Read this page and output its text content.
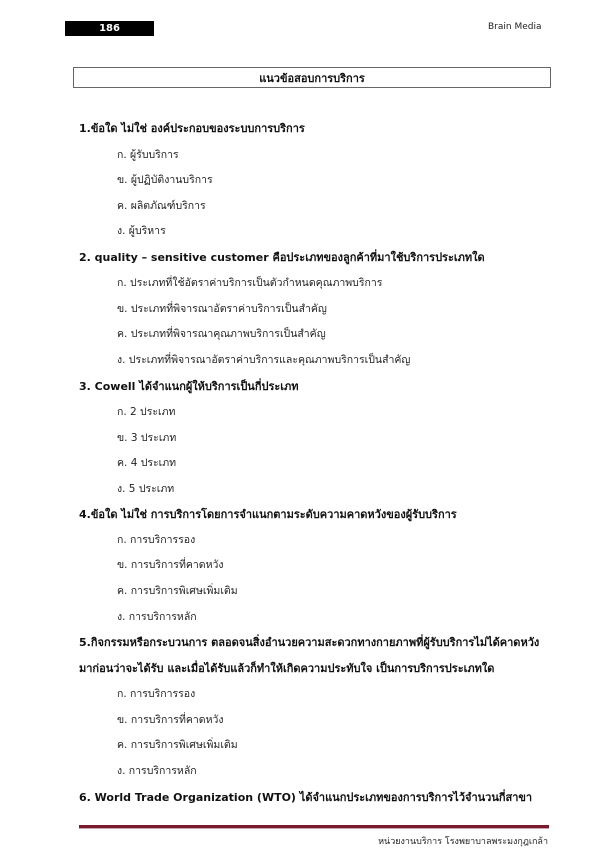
186	Brain Media
แนวข้อสอบการบริการ
1.ข้อใด ไม่ใช่ องค์ประกอบของระบบการบริการ
ก. ผู้รับบริการ
ข. ผู้ปฏิบัติงานบริการ
ค. ผลิตภัณฑ์บริการ
ง. ผู้บริหาร
2. quality – sensitive customer คือประเภทของลูกค้าที่มาใช้บริการประเภทใด
ก. ประเภทที่ใช้อัตราค่าบริการเป็นตัวกำหนดคุณภาพบริการ
ข. ประเภทที่พิจารณาอัตราค่าบริการเป็นสำคัญ
ค. ประเภทที่พิจารณาคุณภาพบริการเป็นสำคัญ
ง. ประเภทที่พิจารณาอัตราค่าบริการและคุณภาพบริการเป็นสำคัญ
3. Cowell ได้จำแนกผู้ให้บริการเป็นกี่ประเภท
ก. 2 ประเภท
ข. 3 ประเภท
ค. 4 ประเภท
ง. 5 ประเภท
4.ข้อใด ไม่ใช่ การบริการโดยการจำแนกตามระดับความคาดหวังของผู้รับบริการ
ก. การบริการรอง
ข. การบริการที่คาดหวัง
ค. การบริการพิเศษเพิ่มเติม
ง. การบริการหลัก
5.กิจกรรมหรือกระบวนการ ตลอดจนสิ่งอำนวยความสะดวกทางกายภาพที่ผู้รับบริการไม่ได้คาดหวัง
มาก่อนว่าจะได้รับ และเมื่อได้รับแล้วก็ทำให้เกิดความประทับใจ เป็นการบริการประเภทใด
ก. การบริการรอง
ข. การบริการที่คาดหวัง
ค. การบริการพิเศษเพิ่มเติม
ง. การบริการหลัก
6. World Trade Organization (WTO) ได้จำแนกประเภทของการบริการไว้จำนวนกี่สาขา
หน่วยงานบริการ โรงพยาบาลพระมงกุฎเกล้า
